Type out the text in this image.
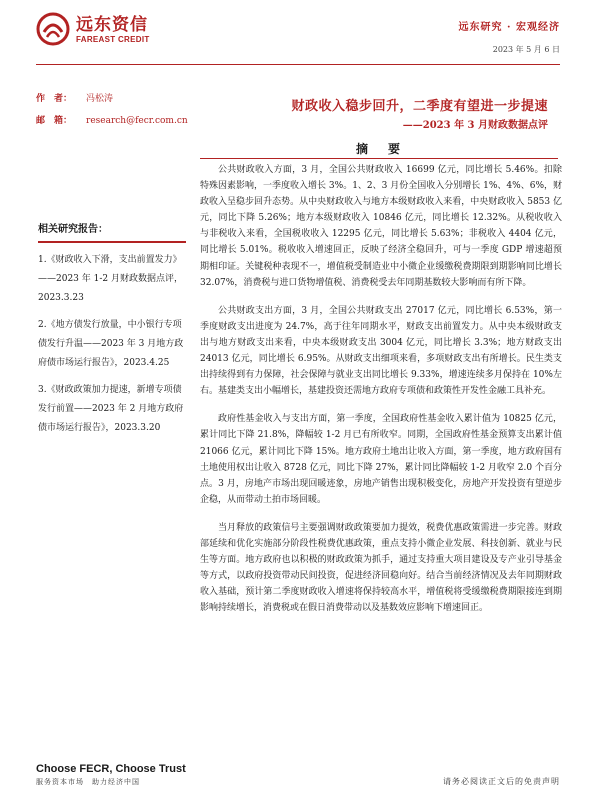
远东资信
FAREAST CREDIT
远东研究 · 宏观经济
2023 年 5 月 6 日
作　者： 冯松涛
邮　箱： research@fecr.com.cn
财政收入稳步回升，二季度有望进一步提速
——2023 年 3 月财政数据点评
摘　要
相关研究报告：
1.《财政收入下滑，支出前置发力》——2023 年 1-2 月财政数据点评，2023.3.23
2.《地方债发行放量，中小银行专项债发行升温——2023 年 3 月地方政府债市场运行报告》，2023.4.25
3.《财政政策加力提速，新增专项债发行前置——2023 年 2 月地方政府债市场运行报告》，2023.3.20

公共财政收入方面，3 月，全国公共财政收入 16699 亿元，同比增长 5.46%。扣除特殊因素影响，一季度收入增长 3%。1、2、3 月份全国收入分别增长 1%、4%、6%，财政收入呈稳步回升态势。从中央财政收入与地方本级财政收入来看，中央财政收入 5853 亿元，同比下降 5.26%；地方本级财政收入 10846 亿元，同比增长 12.32%。从税收收入与非税收入来看，全国税收收入 12295 亿元，同比增长 5.63%；非税收入 4404 亿元，同比增长 5.01%。税收收入增速回正，反映了经济全稳回升，可与一季度 GDP 增速超预期相印证。关键税种表现不一，增值税受制造业中小微企业缓缴税费期限到期影响同比增长 32.07%，消费税与进口货物增值税、消费税受去年同期基数较大影响而有所下降。

公共财政支出方面，3 月，全国公共财政支出 27017 亿元，同比增长 6.53%，第一季度财政支出进度为 24.7%，高于往年同期水平，财政支出前置发力。从中央本级财政支出与地方财政支出来看，中央本级财政支出 3004 亿元，同比增长 3.3%；地方财政支出 24013 亿元，同比增长 6.95%。从财政支出细项来看，多项财政支出有所增长。民生类支出持续得到有力保障，社会保障与就业支出同比增长 9.33%，增速连续多月保持在 10%左右。基建类支出小幅增长，基建投资还需地方政府专项债和政策性开发性金融工具补充。

政府性基金收入与支出方面，第一季度，全国政府性基金收入累计值为 10825 亿元，累计同比下降 21.8%，降幅较 1-2 月已有所收窄。同期，全国政府性基金预算支出累计值 21066 亿元，累计同比下降 15%。地方政府土地出让收入方面，第一季度，地方政府国有土地使用权出让收入 8728 亿元，同比下降 27%，累计同比降幅较 1-2 月收窄 2.0 个百分点。3 月，房地产市场出现回暖迹象，房地产销售出现积极变化，房地产开发投资有望逆步企稳，从而带动土拍市场回暖。

当月释放的政策信号主要强调财政政策要加力提效，税费优惠政策需进一步完善。财政部延续和优化实施部分阶段性税费优惠政策，重点支持小微企业发展、科技创新、就业与民生等方面。地方政府也以积极的财政政策为抓手，通过支持重大项目建设及专产业引导基金等方式，以政府投资带动民间投资，促进经济回稳向好。结合当前经济情况及去年同期财政收入基础，预计第二季度财政收入增速将保持较高水平，增值税将受缓缴税费期限接连到期影响持续增长，消费税或在假日消费带动以及基数效应影响下增速回正。

Choose FECR, Choose Trust
服务资本市场　助力经济中国	请务必阅读正文后的免责声明
